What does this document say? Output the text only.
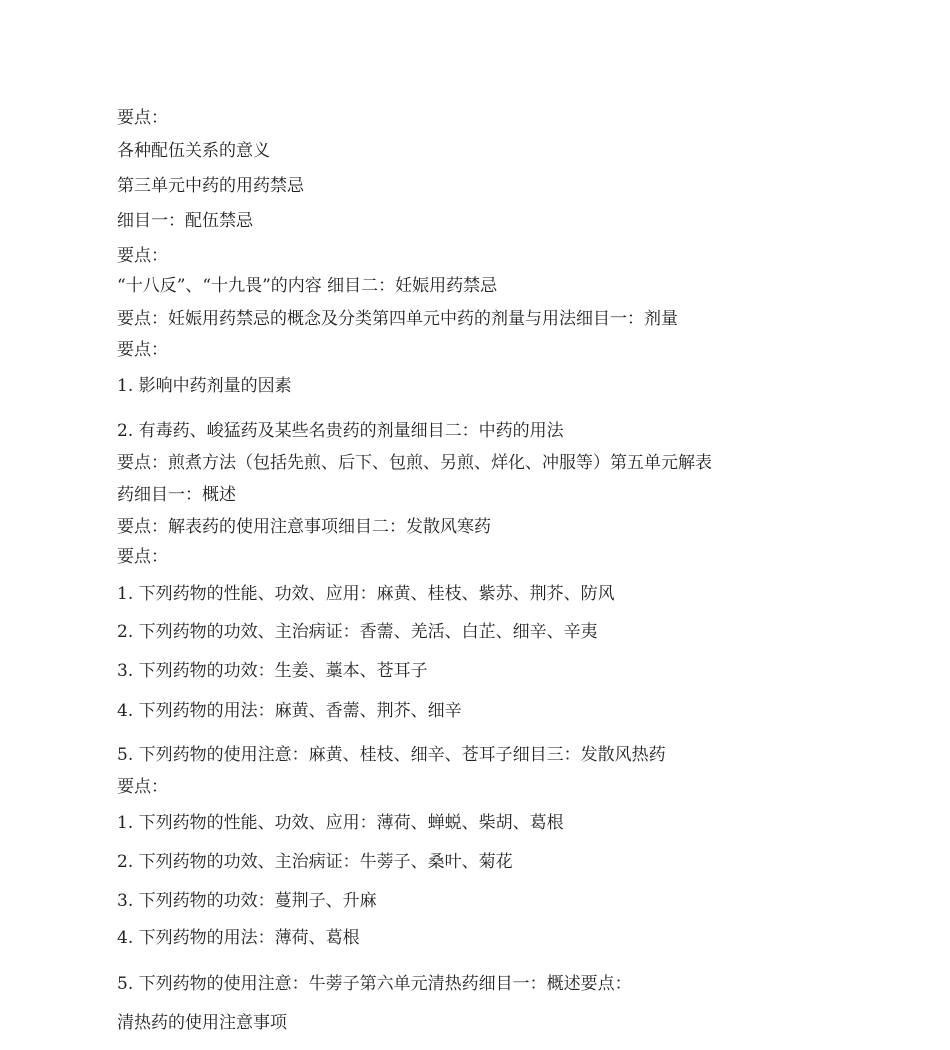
要点：
各种配伍关系的意义
第三单元中药的用药禁忌
细目一：配伍禁忌
要点：
“十八反”、“十九畏”的内容 细目二：妊娠用药禁忌
要点：妊娠用药禁忌的概念及分类第四单元中药的剂量与用法细目一：剂量
要点：
1. 影响中药剂量的因素
2. 有毒药、峻猛药及某些名贵药的剂量细目二：中药的用法
要点：煎煮方法（包括先煎、后下、包煎、另煎、烊化、冲服等）第五单元解表
药细目一：概述
要点：解表药的使用注意事项细目二：发散风寒药
要点：
1. 下列药物的性能、功效、应用：麻黄、桂枝、紫苏、荆芥、防风
2. 下列药物的功效、主治病证：香薷、羌活、白芷、细辛、辛夷
3. 下列药物的功效：生姜、藁本、苍耳子
4. 下列药物的用法：麻黄、香薷、荆芥、细辛
5. 下列药物的使用注意：麻黄、桂枝、细辛、苍耳子细目三：发散风热药
要点：
1. 下列药物的性能、功效、应用：薄荷、蝉蜕、柴胡、葛根
2. 下列药物的功效、主治病证：牛蒡子、桑叶、菊花
3. 下列药物的功效：蔓荆子、升麻
4. 下列药物的用法：薄荷、葛根
5. 下列药物的使用注意：牛蒡子第六单元清热药细目一：概述要点：
清热药的使用注意事项
